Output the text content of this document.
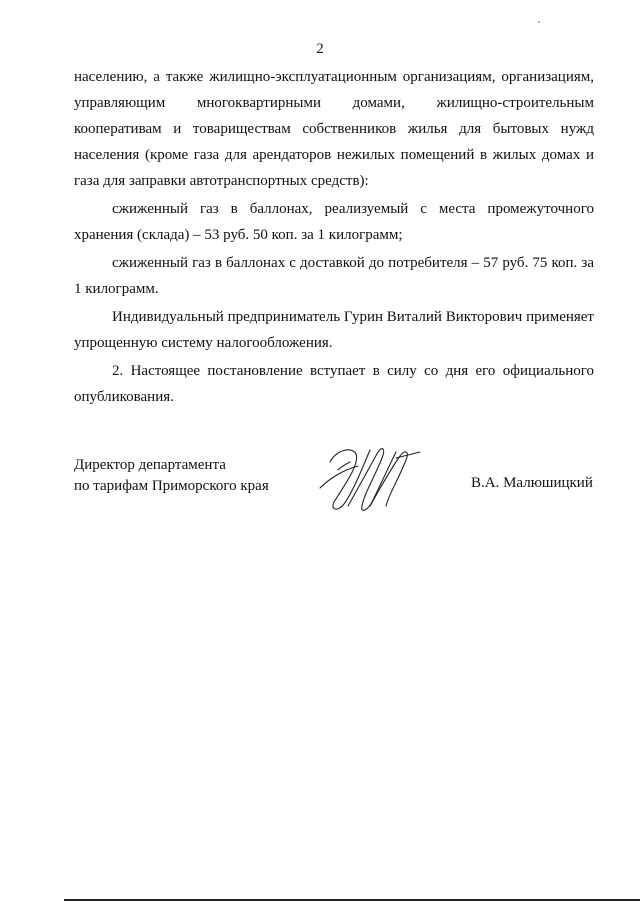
2

населению, а также жилищно-эксплуатационным организациям, организациям, управляющим многоквартирными домами, жилищно-строительным кооперативам и товариществам собственников жилья для бытовых нужд населения (кроме газа для арендаторов нежилых помещений в жилых домах и газа для заправки автотранспортных средств):

сжиженный газ в баллонах, реализуемый с места промежуточного хранения (склада) – 53 руб. 50 коп. за 1 килограмм;

сжиженный газ в баллонах с доставкой до потребителя – 57 руб. 75 коп. за 1 килограмм.

Индивидуальный предприниматель Гурин Виталий Викторович применяет упрощенную систему налогообложения.

2. Настоящее постановление вступает в силу со дня его официального опубликования.

Директор департамента
по тарифам Приморского края	В.А. Малюшицкий
